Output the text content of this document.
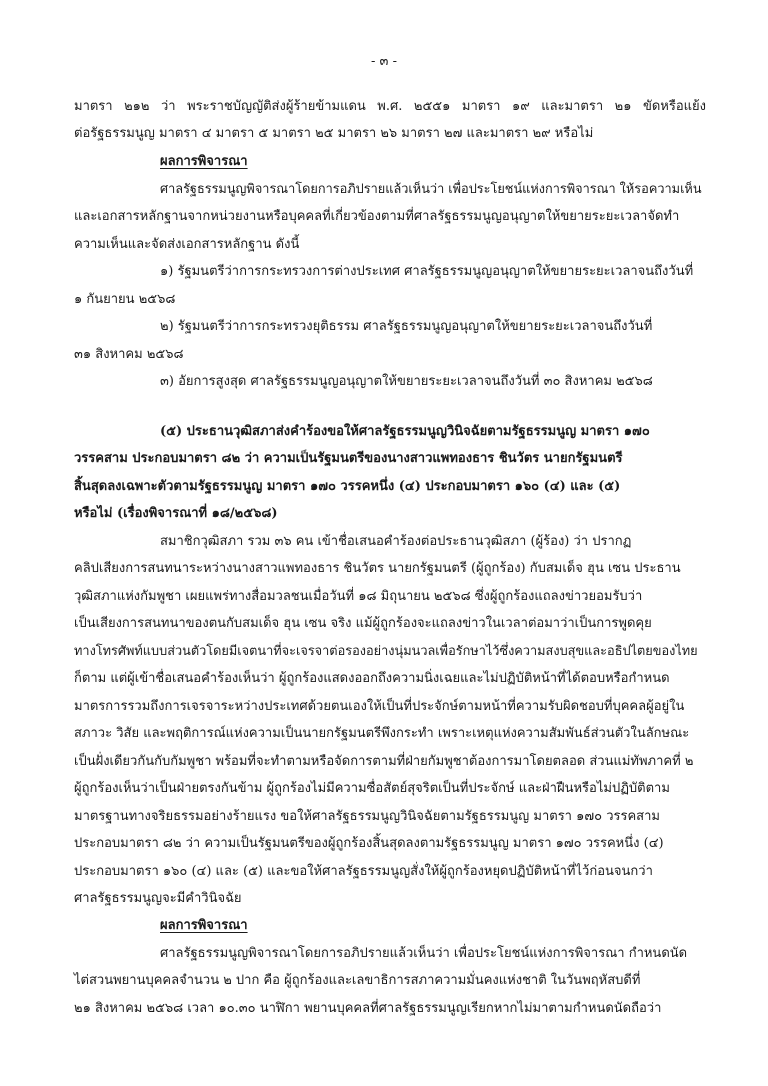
- ๓ -
มาตรา ๒๑๒ ว่า พระราชบัญญัติส่งผู้ร้ายข้ามแดน พ.ศ. ๒๕๕๑ มาตรา ๑๙ และมาตรา ๒๑ ขัดหรือแย้ง
ต่อรัฐธรรมนูญ มาตรา ๔ มาตรา ๕ มาตรา ๒๕ มาตรา ๒๖ มาตรา ๒๗ และมาตรา ๒๙ หรือไม่
ผลการพิจารณา
ศาลรัฐธรรมนูญพิจารณาโดยการอภิปรายแล้วเห็นว่า เพื่อประโยชน์แห่งการพิจารณา ให้รอความเห็น
และเอกสารหลักฐานจากหน่วยงานหรือบุคคลที่เกี่ยวข้องตามที่ศาลรัฐธรรมนูญอนุญาตให้ขยายระยะเวลาจัดทำ
ความเห็นและจัดส่งเอกสารหลักฐาน ดังนี้
๑) รัฐมนตรีว่าการกระทรวงการต่างประเทศ ศาลรัฐธรรมนูญอนุญาตให้ขยายระยะเวลาจนถึงวันที่
๑ กันยายน ๒๕๖๘
๒) รัฐมนตรีว่าการกระทรวงยุติธรรม ศาลรัฐธรรมนูญอนุญาตให้ขยายระยะเวลาจนถึงวันที่
๓๑ สิงหาคม ๒๕๖๘
๓) อัยการสูงสุด ศาลรัฐธรรมนูญอนุญาตให้ขยายระยะเวลาจนถึงวันที่ ๓๐ สิงหาคม ๒๕๖๘
(๕) ประธานวุฒิสภาส่งคำร้องขอให้ศาลรัฐธรรมนูญวินิจฉัยตามรัฐธรรมนูญ มาตรา ๑๗๐
วรรคสาม ประกอบมาตรา ๘๒ ว่า ความเป็นรัฐมนตรีของนางสาวแพทองธาร ชินวัตร นายกรัฐมนตรี
สิ้นสุดลงเฉพาะตัวตามรัฐธรรมนูญ มาตรา ๑๗๐ วรรคหนึ่ง (๔) ประกอบมาตรา ๑๖๐ (๔) และ (๕)
หรือไม่ (เรื่องพิจารณาที่ ๑๘/๒๕๖๘)
สมาชิกวุฒิสภา รวม ๓๖ คน เข้าชื่อเสนอคำร้องต่อประธานวุฒิสภา (ผู้ร้อง) ว่า ปรากฏ
คลิปเสียงการสนทนาระหว่างนางสาวแพทองธาร ชินวัตร นายกรัฐมนตรี (ผู้ถูกร้อง) กับสมเด็จ ฮุน เซน ประธาน
วุฒิสภาแห่งกัมพูชา เผยแพร่ทางสื่อมวลชนเมื่อวันที่ ๑๘ มิถุนายน ๒๕๖๘ ซึ่งผู้ถูกร้องแถลงข่าวยอมรับว่า
เป็นเสียงการสนทนาของตนกับสมเด็จ ฮุน เซน จริง แม้ผู้ถูกร้องจะแถลงข่าวในเวลาต่อมาว่าเป็นการพูดคุย
ทางโทรศัพท์แบบส่วนตัวโดยมีเจตนาที่จะเจรจาต่อรองอย่างนุ่มนวลเพื่อรักษาไว้ซึ่งความสงบสุขและอธิปไตยของไทย
ก็ตาม แต่ผู้เข้าชื่อเสนอคำร้องเห็นว่า ผู้ถูกร้องแสดงออกถึงความนิ่งเฉยและไม่ปฏิบัติหน้าที่ได้ตอบหรือกำหนด
มาตรการรวมถึงการเจรจาระหว่างประเทศด้วยตนเองให้เป็นที่ประจักษ์ตามหน้าที่ความรับผิดชอบที่บุคคลผู้อยู่ใน
สภาวะ วิสัย และพฤติการณ์แห่งความเป็นนายกรัฐมนตรีพึงกระทำ เพราะเหตุแห่งความสัมพันธ์ส่วนตัวในลักษณะ
เป็นฝั่งเดียวกันกับกัมพูชา พร้อมที่จะทำตามหรือจัดการตามที่ฝ่ายกัมพูชาต้องการมาโดยตลอด ส่วนแม่ทัพภาคที่ ๒
ผู้ถูกร้องเห็นว่าเป็นฝ่ายตรงกันข้าม ผู้ถูกร้องไม่มีความซื่อสัตย์สุจริตเป็นที่ประจักษ์ และฝ่าฝืนหรือไม่ปฏิบัติตาม
มาตรฐานทางจริยธรรมอย่างร้ายแรง ขอให้ศาลรัฐธรรมนูญวินิจฉัยตามรัฐธรรมนูญ มาตรา ๑๗๐ วรรคสาม
ประกอบมาตรา ๘๒ ว่า ความเป็นรัฐมนตรีของผู้ถูกร้องสิ้นสุดลงตามรัฐธรรมนูญ มาตรา ๑๗๐ วรรคหนึ่ง (๔)
ประกอบมาตรา ๑๖๐ (๔) และ (๕) และขอให้ศาลรัฐธรรมนูญสั่งให้ผู้ถูกร้องหยุดปฏิบัติหน้าที่ไว้ก่อนจนกว่า
ศาลรัฐธรรมนูญจะมีคำวินิจฉัย
ผลการพิจารณา
ศาลรัฐธรรมนูญพิจารณาโดยการอภิปรายแล้วเห็นว่า เพื่อประโยชน์แห่งการพิจารณา กำหนดนัด
ไต่สวนพยานบุคคลจำนวน ๒ ปาก คือ ผู้ถูกร้องและเลขาธิการสภาความมั่นคงแห่งชาติ ในวันพฤหัสบดีที่
๒๑ สิงหาคม ๒๕๖๘ เวลา ๑๐.๓๐ นาฬิกา พยานบุคคลที่ศาลรัฐธรรมนูญเรียกหากไม่มาตามกำหนดนัดถือว่า
